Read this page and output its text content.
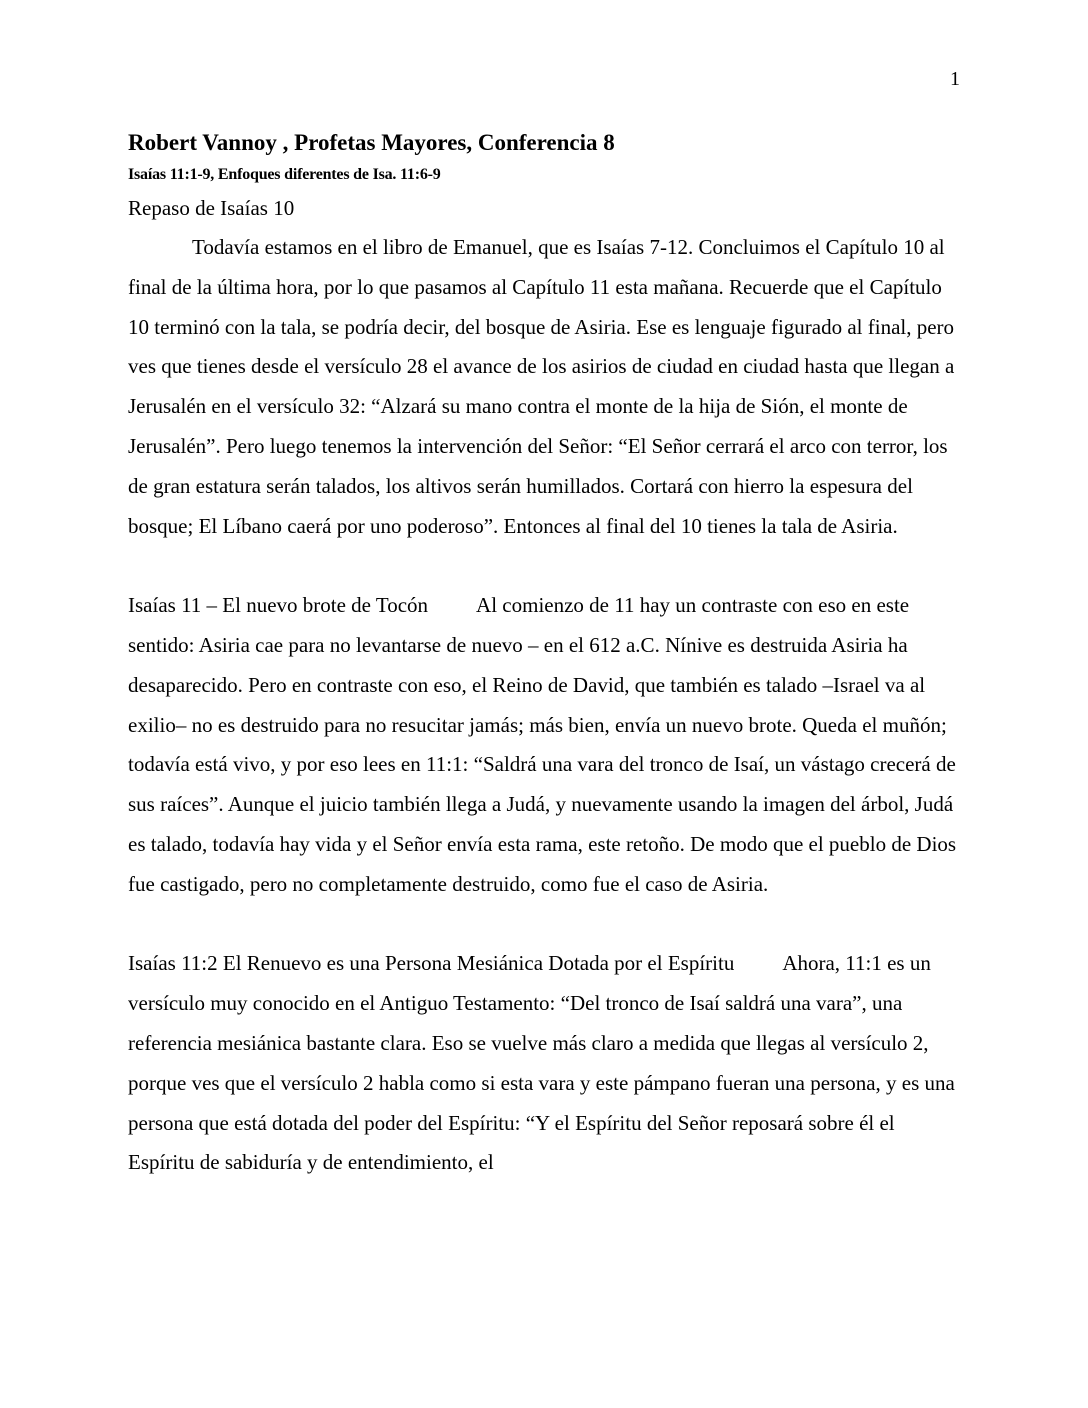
1
Robert Vannoy , Profetas Mayores, Conferencia 8
Isaías 11:1-9, Enfoques diferentes de Isa. 11:6-9
Repaso de Isaías 10

Todavía estamos en el libro de Emanuel, que es Isaías 7-12. Concluimos el Capítulo 10 al final de la última hora, por lo que pasamos al Capítulo 11 esta mañana. Recuerde que el Capítulo 10 terminó con la tala, se podría decir, del bosque de Asiria. Ese es lenguaje figurado al final, pero ves que tienes desde el versículo 28 el avance de los asirios de ciudad en ciudad hasta que llegan a Jerusalén en el versículo 32: “Alzará su mano contra el monte de la hija de Sión, el monte de Jerusalén”. Pero luego tenemos la intervención del Señor: “El Señor cerrará el arco con terror, los de gran estatura serán talados, los altivos serán humillados. Cortará con hierro la espesura del bosque; El Líbano caerá por uno poderoso”. Entonces al final del 10 tienes la tala de Asiria.

Isaías 11 – El nuevo brote de Tocón Al comienzo de 11 hay un contraste con eso en este sentido: Asiria cae para no levantarse de nuevo – en el 612 a.C. Nínive es destruida Asiria ha desaparecido. Pero en contraste con eso, el Reino de David, que también es talado –Israel va al exilio– no es destruido para no resucitar jamás; más bien, envía un nuevo brote. Queda el muñón; todavía está vivo, y por eso lees en 11:1: “Saldrá una vara del tronco de Isaí, un vástago crecerá de sus raíces”. Aunque el juicio también llega a Judá, y nuevamente usando la imagen del árbol, Judá es talado, todavía hay vida y el Señor envía esta rama, este retoño. De modo que el pueblo de Dios fue castigado, pero no completamente destruido, como fue el caso de Asiria.

Isaías 11:2 El Renuevo es una Persona Mesiánica Dotada por el Espíritu Ahora, 11:1 es un versículo muy conocido en el Antiguo Testamento: “Del tronco de Isaí saldrá una vara”, una referencia mesiánica bastante clara. Eso se vuelve más claro a medida que llegas al versículo 2, porque ves que el versículo 2 habla como si esta vara y este pámpano fueran una persona, y es una persona que está dotada del poder del Espíritu: “Y el Espíritu del Señor reposará sobre él el Espíritu de sabiduría y de entendimiento, el
